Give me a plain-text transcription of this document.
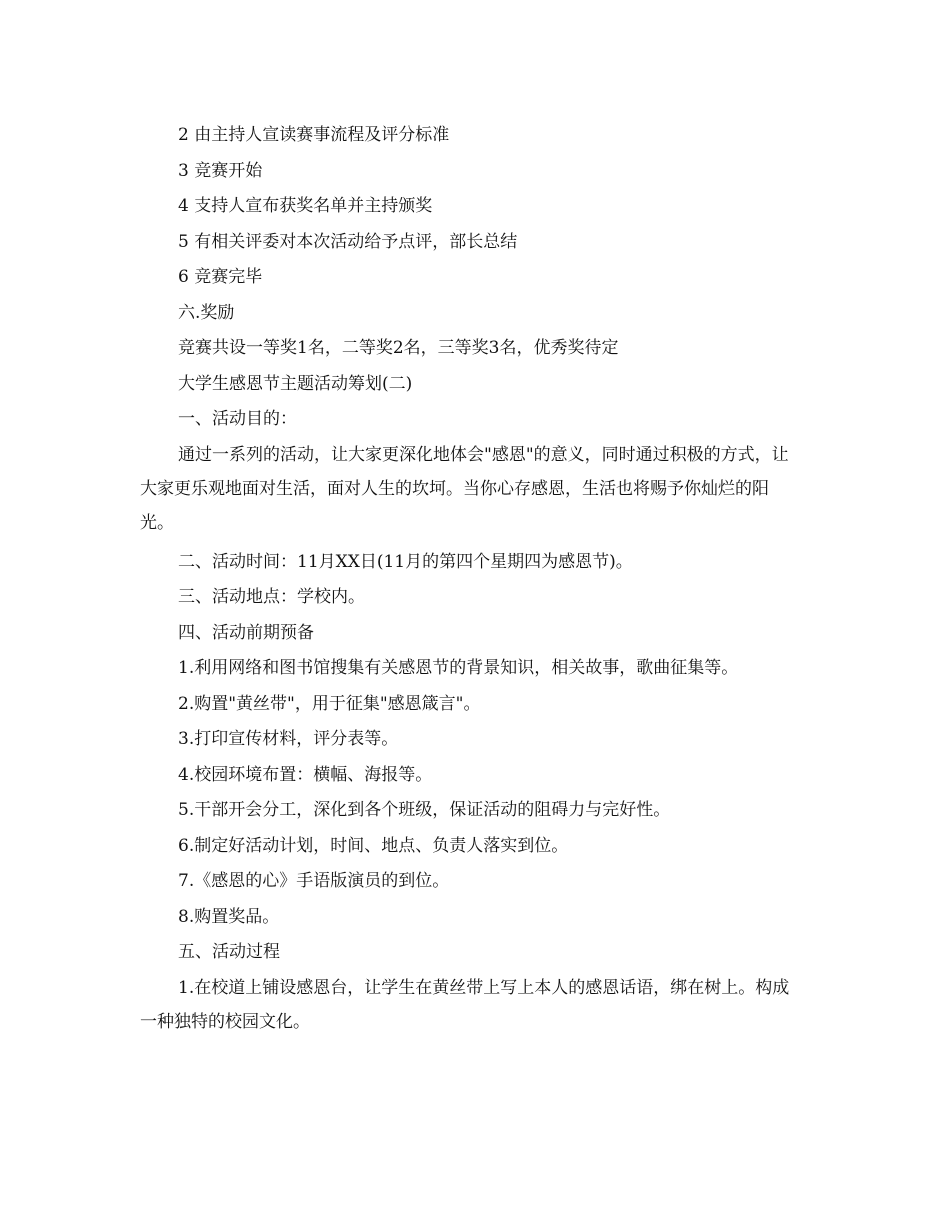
2 由主持人宣读赛事流程及评分标准

3 竞赛开始

4 支持人宣布获奖名单并主持颁奖

5 有相关评委对本次活动给予点评，部长总结

6 竞赛完毕

六.奖励

竞赛共设一等奖1名，二等奖2名，三等奖3名，优秀奖待定

大学生感恩节主题活动筹划(二)

一、活动目的：

通过一系列的活动，让大家更深化地体会"感恩"的意义，同时通过积极的方式，让大家更乐观地面对生活，面对人生的坎坷。当你心存感恩，生活也将赐予你灿烂的阳光。

二、活动时间：11月XX日(11月的第四个星期四为感恩节)。

三、活动地点：学校内。

四、活动前期预备

1.利用网络和图书馆搜集有关感恩节的背景知识，相关故事，歌曲征集等。

2.购置"黄丝带"，用于征集"感恩箴言"。

3.打印宣传材料，评分表等。

4.校园环境布置：横幅、海报等。

5.干部开会分工，深化到各个班级，保证活动的阻碍力与完好性。

6.制定好活动计划，时间、地点、负责人落实到位。

7.《感恩的心》手语版演员的到位。

8.购置奖品。

五、活动过程

1.在校道上铺设感恩台，让学生在黄丝带上写上本人的感恩话语，绑在树上。构成一种独特的校园文化。
